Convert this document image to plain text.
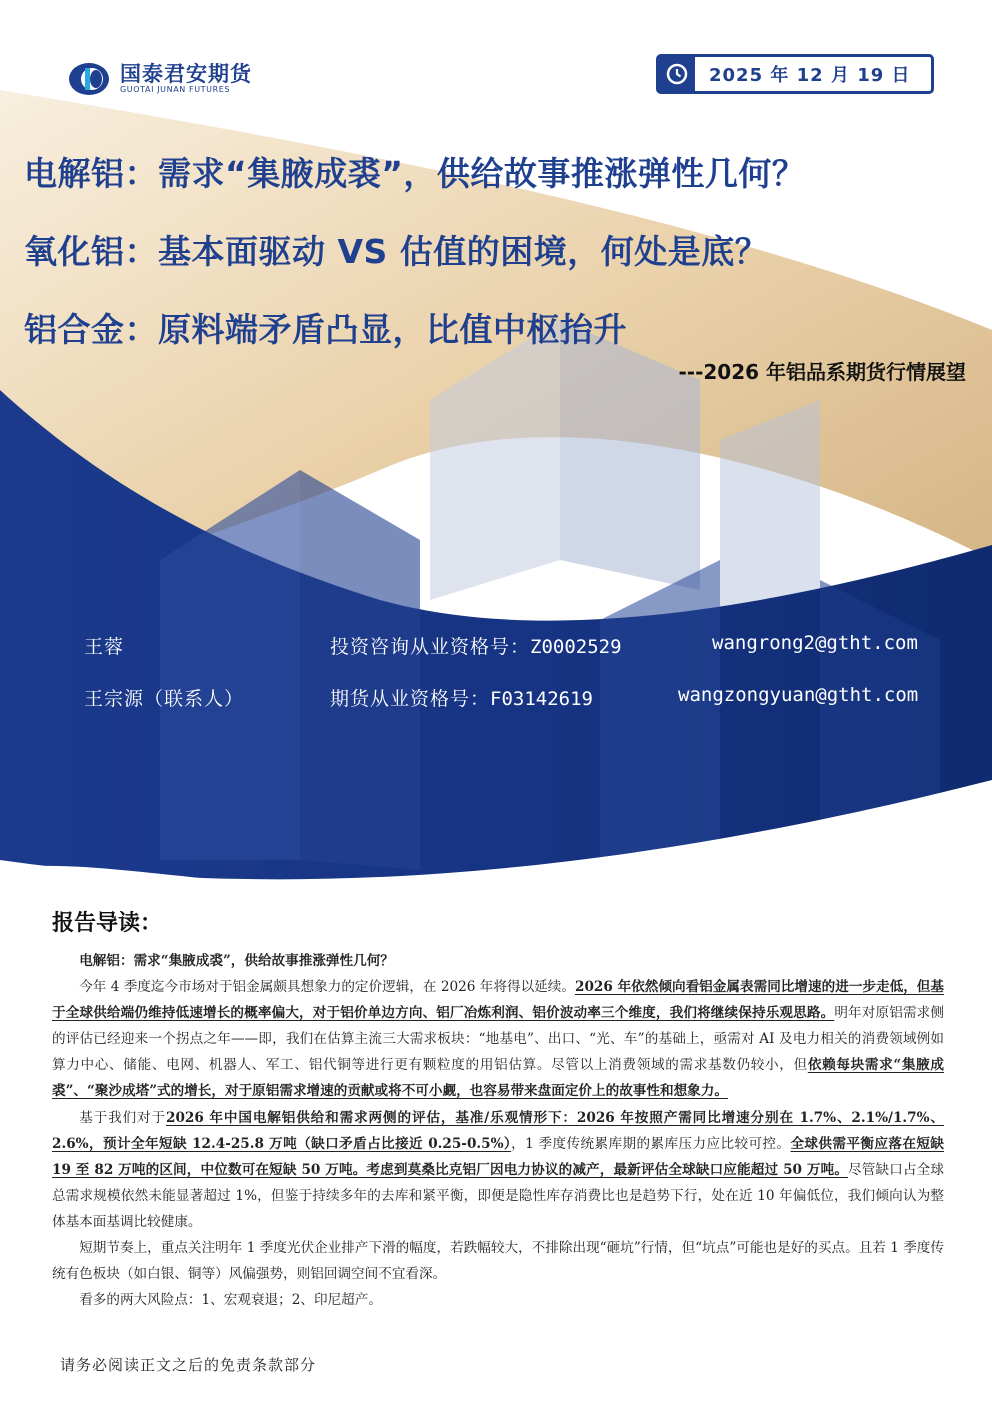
国泰君安期货
GUOTAI JUNAN FUTURES
2025 年 12 月 19 日
电解铝：需求“集腋成裘”，供给故事推涨弹性几何？
氧化铝：基本面驱动 VS 估值的困境，何处是底？
铝合金：原料端矛盾凸显，比值中枢抬升
---2026 年铝品系期货行情展望
王蓉	投资咨询从业资格号：Z0002529	wangrong2@gtht.com
王宗源（联系人）	期货从业资格号：F03142619	wangzongyuan@gtht.com
报告导读：

电解铝：需求“集腋成裘”，供给故事推涨弹性几何？

今年 4 季度迄今市场对于铝金属颇具想象力的定价逻辑，在 2026 年将得以延续。2026 年依然倾向看铝金属表需同比增速的进一步走低，但基于全球供给端仍维持低速增长的概率偏大，对于铝价单边方向、铝厂冶炼利润、铝价波动率三个维度，我们将继续保持乐观思路。明年对原铝需求侧的评估已经迎来一个拐点之年——即，我们在估算主流三大需求板块：“地基电”、出口、“光、车”的基础上，亟需对 AI 及电力相关的消费领域例如算力中心、储能、电网、机器人、军工、铝代铜等进行更有颗粒度的用铝估算。尽管以上消费领域的需求基数仍较小，但依赖每块需求“集腋成裘”、“聚沙成塔”式的增长，对于原铝需求增速的贡献或将不可小觑，也容易带来盘面定价上的故事性和想象力。

基于我们对于2026 年中国电解铝供给和需求两侧的评估，基准/乐观情形下：2026 年按照产需同比增速分别在 1.7%、2.1%/1.7%、2.6%，预计全年短缺 12.4-25.8 万吨（缺口矛盾占比接近 0.25-0.5%），1 季度传统累库期的累库压力应比较可控。全球供需平衡应落在短缺 19 至 82 万吨的区间，中位数可在短缺 50 万吨。考虑到莫桑比克铝厂因电力协议的减产，最新评估全球缺口应能超过 50 万吨。尽管缺口占全球总需求规模依然未能显著超过 1%，但鉴于持续多年的去库和紧平衡，即便是隐性库存消费比也是趋势下行，处在近 10 年偏低位，我们倾向认为整体基本面基调比较健康。

短期节奏上，重点关注明年 1 季度光伏企业排产下滑的幅度，若跌幅较大，不排除出现“砸坑”行情，但“坑点”可能也是好的买点。且若 1 季度传统有色板块（如白银、铜等）风偏强势，则铝回调空间不宜看深。

看多的两大风险点：1、宏观衰退；2、印尼超产。

请务必阅读正文之后的免责条款部分
